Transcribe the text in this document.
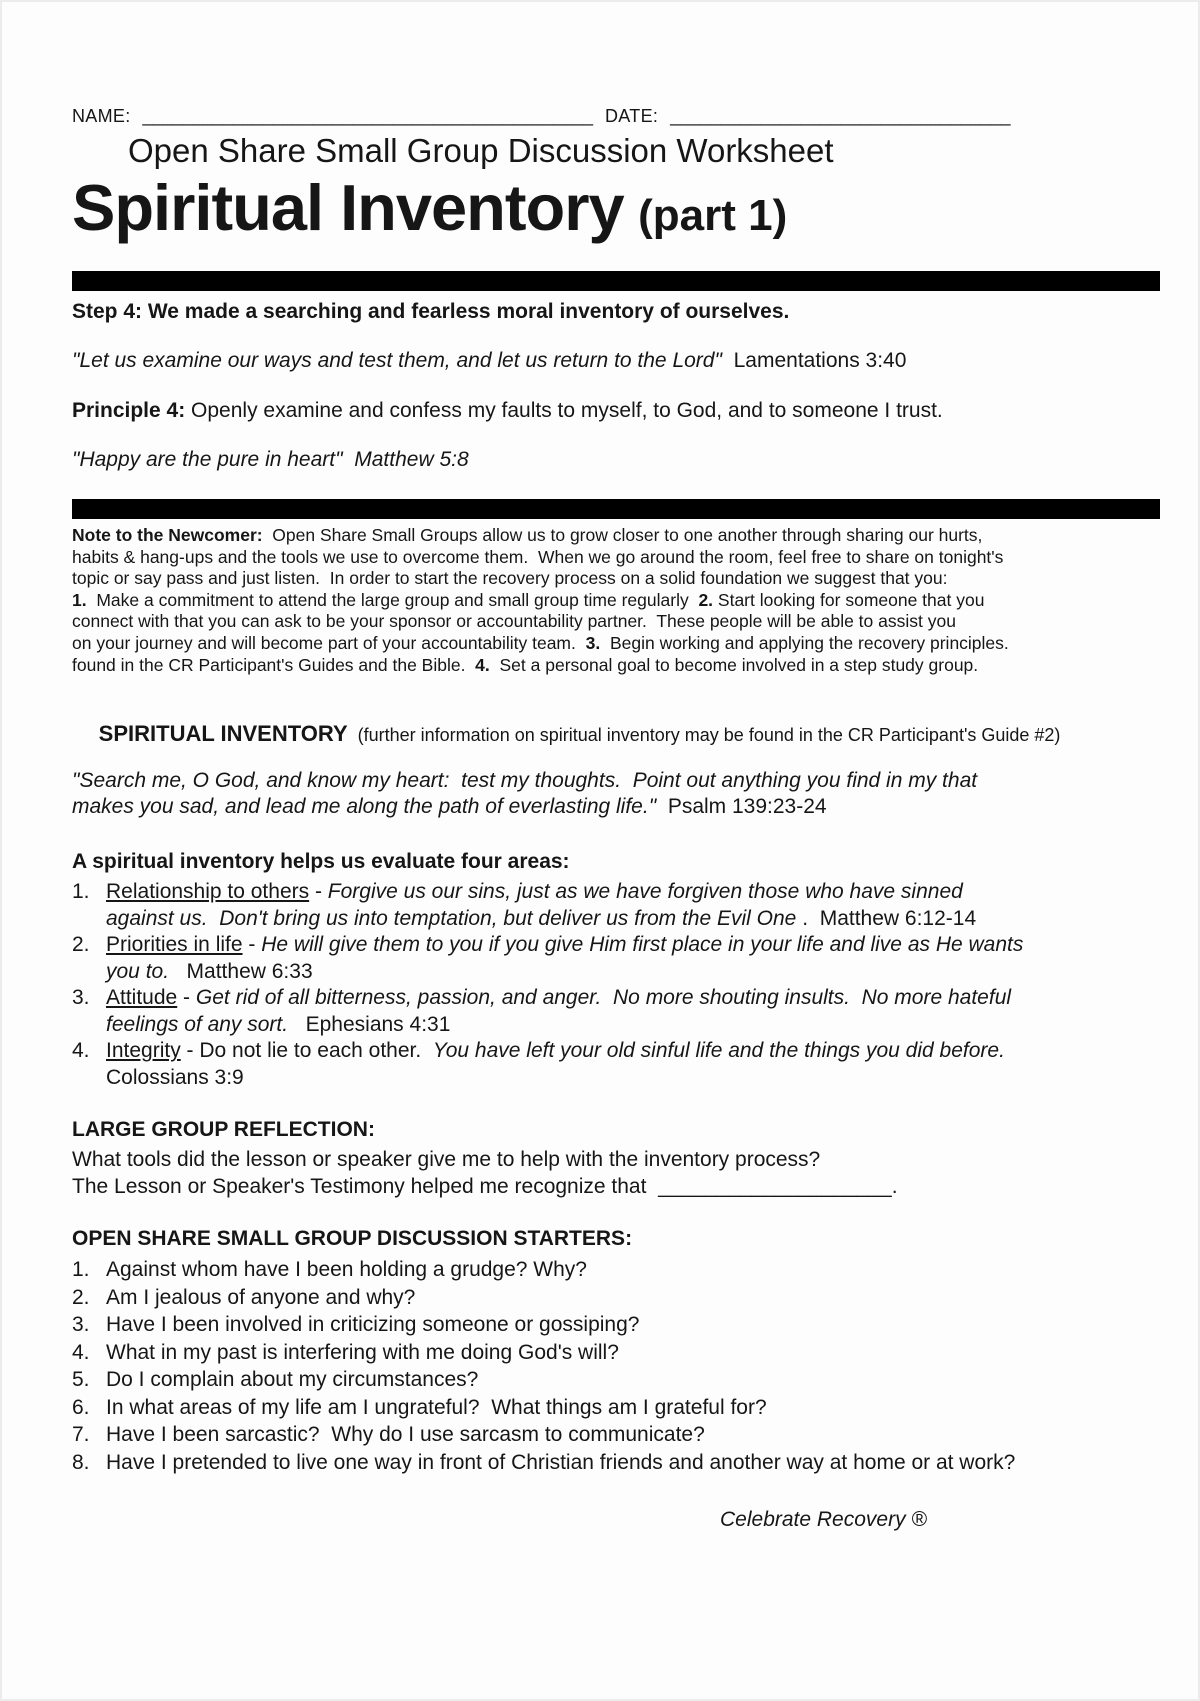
NAME: _____________________________________________ DATE: __________________________________
Open Share Small Group Discussion Worksheet
Spiritual Inventory (part 1)
Step 4: We made a searching and fearless moral inventory of ourselves.
"Let us examine our ways and test them, and let us return to the Lord"  Lamentations 3:40
Principle 4: Openly examine and confess my faults to myself, to God, and to someone I trust.
"Happy are the pure in heart"  Matthew 5:8
Note to the Newcomer:  Open Share Small Groups allow us to grow closer to one another through sharing our hurts,
habits & hang-ups and the tools we use to overcome them.  When we go around the room, feel free to share on tonight's
topic or say pass and just listen.  In order to start the recovery process on a solid foundation we suggest that you:
1.  Make a commitment to attend the large group and small group time regularly  2. Start looking for someone that you
connect with that you can ask to be your sponsor or accountability partner.  These people will be able to assist you
on your journey and will become part of your accountability team.  3.  Begin working and applying the recovery principles.
found in the CR Participant's Guides and the Bible.  4.  Set a personal goal to become involved in a step study group.

SPIRITUAL INVENTORY  (further information on spiritual inventory may be found in the CR Participant's Guide #2)

"Search me, O God, and know my heart:  test my thoughts.  Point out anything you find in my that
makes you sad, and lead me along the path of everlasting life."  Psalm 139:23-24
A spiritual inventory helps us evaluate four areas:
1. Relationship to others - Forgive us our sins, just as we have forgiven those who have sinned
against us.  Don't bring us into temptation, but deliver us from the Evil One .  Matthew 6:12-14
2. Priorities in life - He will give them to you if you give Him first place in your life and live as He wants
you to.   Matthew 6:33
3. Attitude - Get rid of all bitterness, passion, and anger.  No more shouting insults.  No more hateful
feelings of any sort.   Ephesians 4:31
4. Integrity - Do not lie to each other.  You have left your old sinful life and the things you did before.
Colossians 3:9
LARGE GROUP REFLECTION:
What tools did the lesson or speaker give me to help with the inventory process?
The Lesson or Speaker's Testimony helped me recognize that  ____________________.
OPEN SHARE SMALL GROUP DISCUSSION STARTERS:
1. Against whom have I been holding a grudge? Why?
2. Am I jealous of anyone and why?
3. Have I been involved in criticizing someone or gossiping?
4. What in my past is interfering with me doing God's will?
5. Do I complain about my circumstances?
6. In what areas of my life am I ungrateful?  What things am I grateful for?
7. Have I been sarcastic?  Why do I use sarcasm to communicate?
8. Have I pretended to live one way in front of Christian friends and another way at home or at work?
Celebrate Recovery ®
